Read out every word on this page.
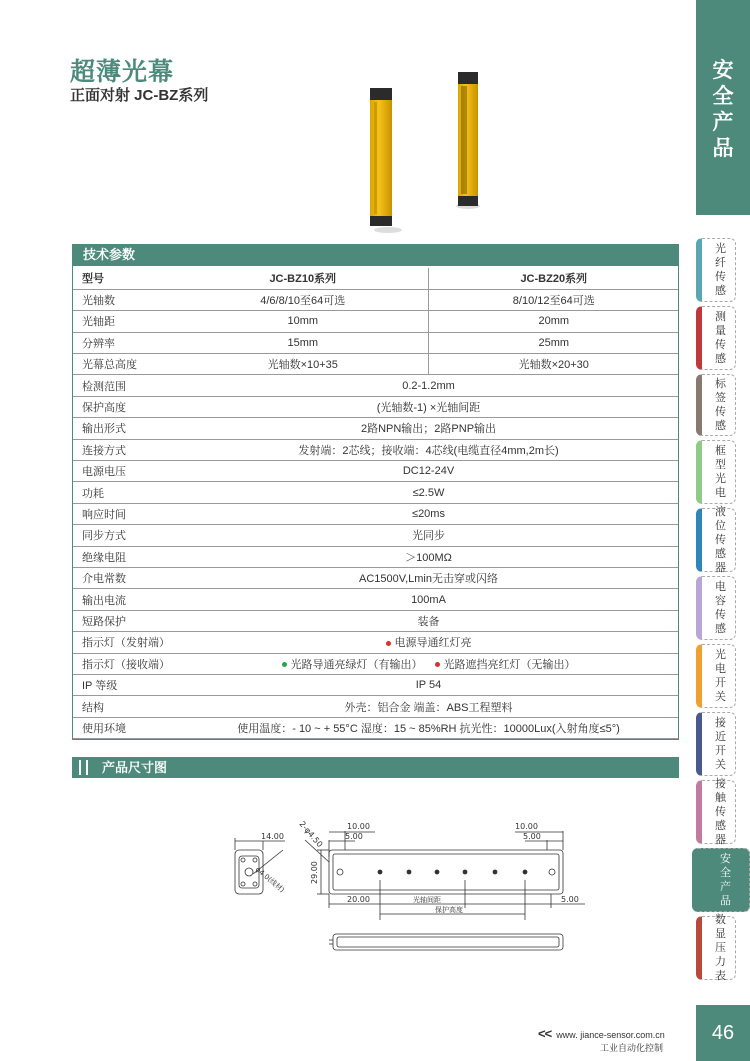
超薄光幕
正面对射 JC-BZ系列
安全产品
光纤传感
测量传感
标签传感
框型光电
液位传感器
电容传感
光电开关
接近开关
接触传感器
安全产品
数显压力表
46
技术参数
型号	JC-BZ10系列	JC-BZ20系列
光轴数	4/6/8/10至64可选	8/10/12至64可选
光轴距	10mm	20mm
分辨率	15mm	25mm
光幕总高度	光轴数×10+35	光轴数×20+30
检测范围	0.2-1.2mm	
保护高度	(光轴数-1) ×光轴间距	
输出形式	2路NPN输出；2路PNP输出	
连接方式	发射端：2芯线；接收端：4芯线(电缆直径4mm,2m长)	
电源电压	DC12-24V	
功耗	≤2.5W	
响应时间	≤20ms	
同步方式	光同步	
绝缘电阻	＞100MΩ	
介电常数	AC1500V,Lmin无击穿或闪络	
输出电流	100mA	
短路保护	装备	
指示灯（发射端）	电源导通红灯亮	
指示灯（接收端）	光路导通亮绿灯（有输出） 光路遮挡亮红灯（无输出）	
IP 等级	IP 54	
结构	外壳：铝合金 端盖：ABS工程塑料	
使用环境	使用温度：- 10 ~ + 55°C 湿度：15 ~ 85%RH 抗光性：10000Lux(入射角度≤5°)	
产品尺寸图
14.00
10.00
5.00
10.00
5.00
2-φ4.50
29.00
20.00	5.00
φ4.0(线材)
光轴间距
保护高度
<< www. jiance-sensor.com.cn
工业自动化控制
